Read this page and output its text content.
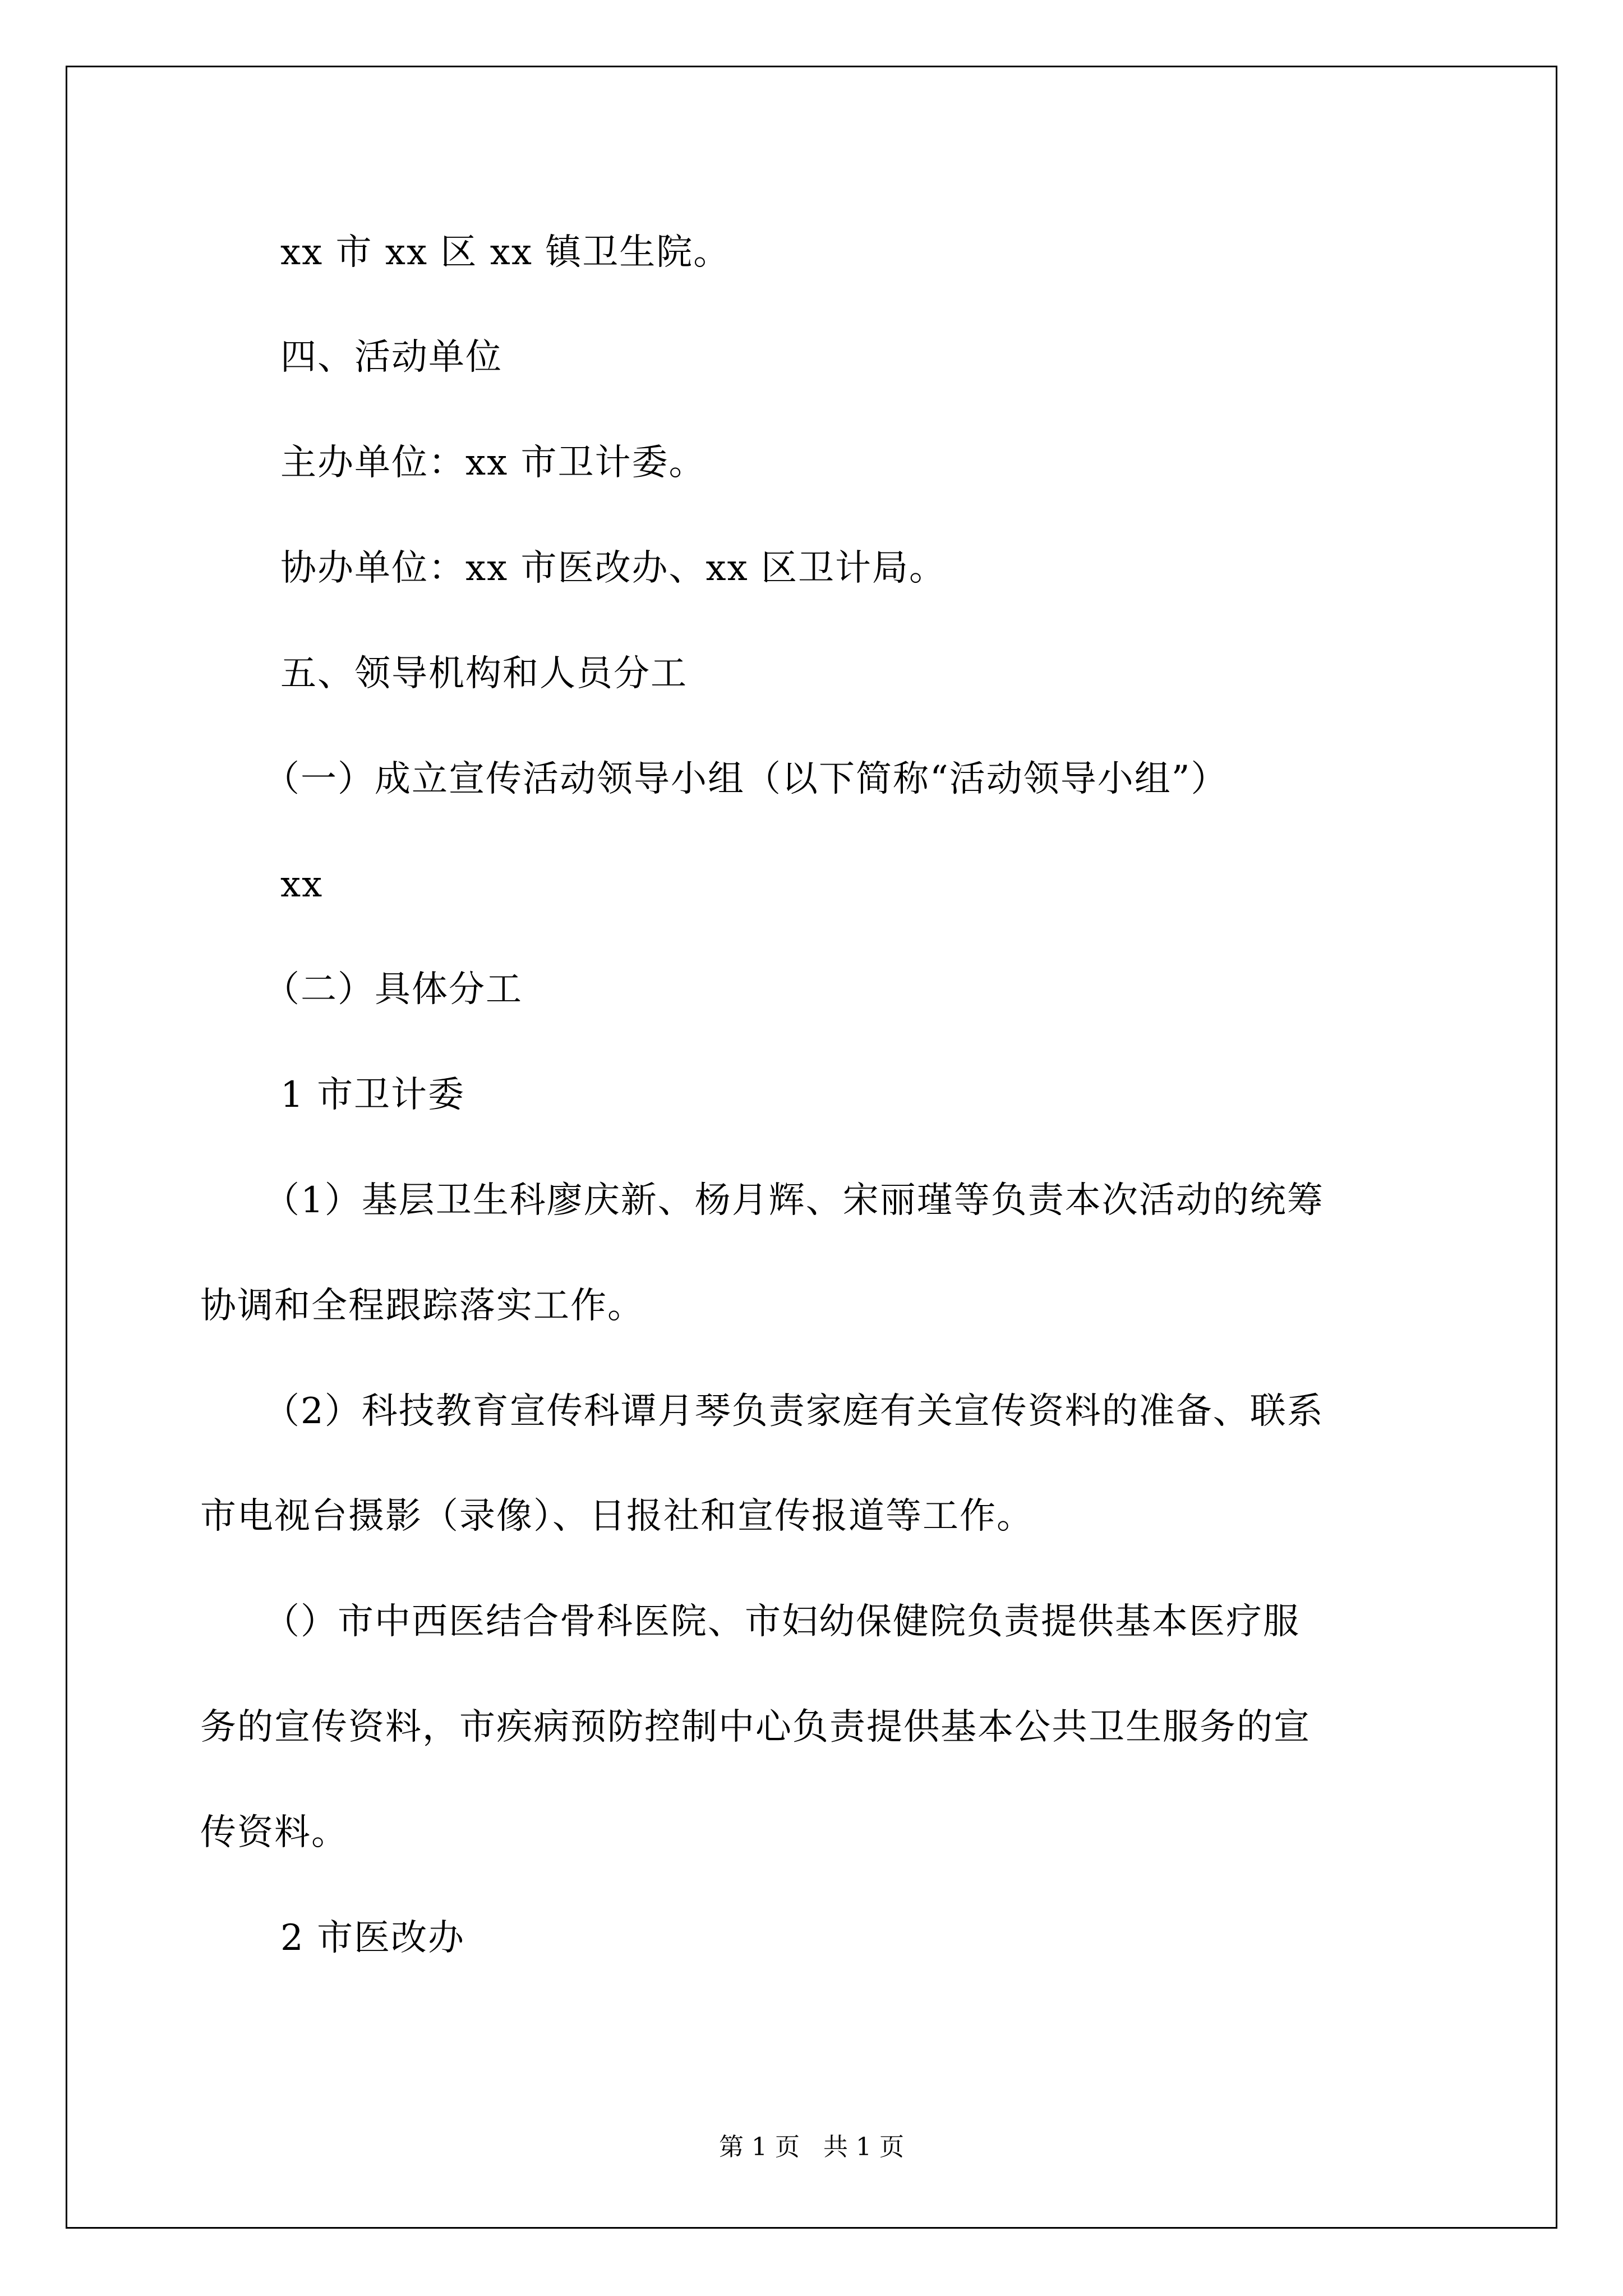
xx 市 xx 区 xx 镇卫生院。
四、活动单位
主办单位：xx 市卫计委。
协办单位：xx 市医改办、xx 区卫计局。
五、领导机构和人员分工
（一）成立宣传活动领导小组（以下简称“活动领导小组”）
xx
（二）具体分工
1 市卫计委
（1）基层卫生科廖庆新、杨月辉、宋丽瑾等负责本次活动的统筹
协调和全程跟踪落实工作。
（2）科技教育宣传科谭月琴负责家庭有关宣传资料的准备、联系
市电视台摄影（录像）、日报社和宣传报道等工作。
（）市中西医结合骨科医院、市妇幼保健院负责提供基本医疗服
务的宣传资料，市疾病预防控制中心负责提供基本公共卫生服务的宣
传资料。
2 市医改办
第 1 页   共 1 页
